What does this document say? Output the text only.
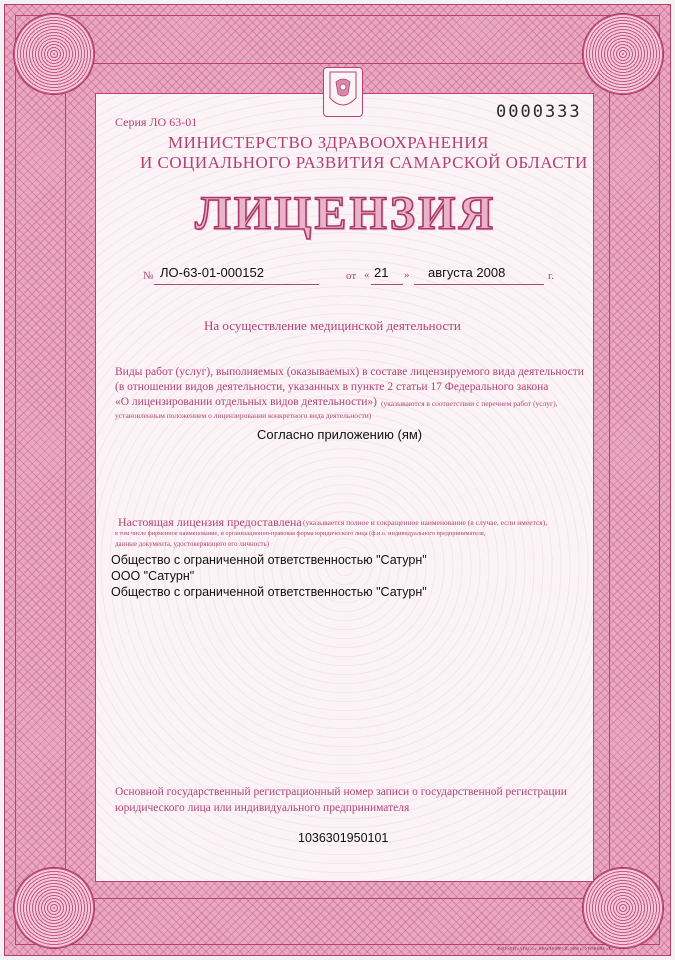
Серия ЛО 63-01	0000333
МИНИСТЕРСТВО ЗДРАВООХРАНЕНИЯ
И СОЦИАЛЬНОГО РАЗВИТИЯ САМАРСКОЙ ОБЛАСТИ
ЛИЦЕНЗИЯ
№ ЛО-63-01-000152	от « 21 » августа 2008	г.
На осуществление медицинской деятельности
Виды работ (услуг), выполняемых (оказываемых) в составе лицензируемого вида деятельности
(в отношении видов деятельности, указанных в пункте 2 статьи 17 Федерального закона
«О лицензировании отдельных видов деятельности») (указываются в соответствии с перечнем работ (услуг),
установленным положением о лицензировании конкретного вида деятельности)
Согласно приложению (ям)
Настоящая лицензия предоставлена (указывается полное и сокращенное наименование (в случае, если имеется),
в том числе фирменное наименование, и организационно-правовая форма юридического лица (ф.и.о. индивидуального предпринимателя,
данные документа, удостоверяющего его личность)
Общество с ограниченной ответственностью "Сатурн"
ООО "Сатурн"
Общество с ограниченной ответственностью "Сатурн"
Основной государственный регистрационный номер записи о государственной регистрации
юридического лица или индивидуального предпринимателя
1036301950101
ФЗП «ПЦ «АТАС», г. КРАСНОЯРСК, 2008 г., УРОВЕНЬ «Б»
